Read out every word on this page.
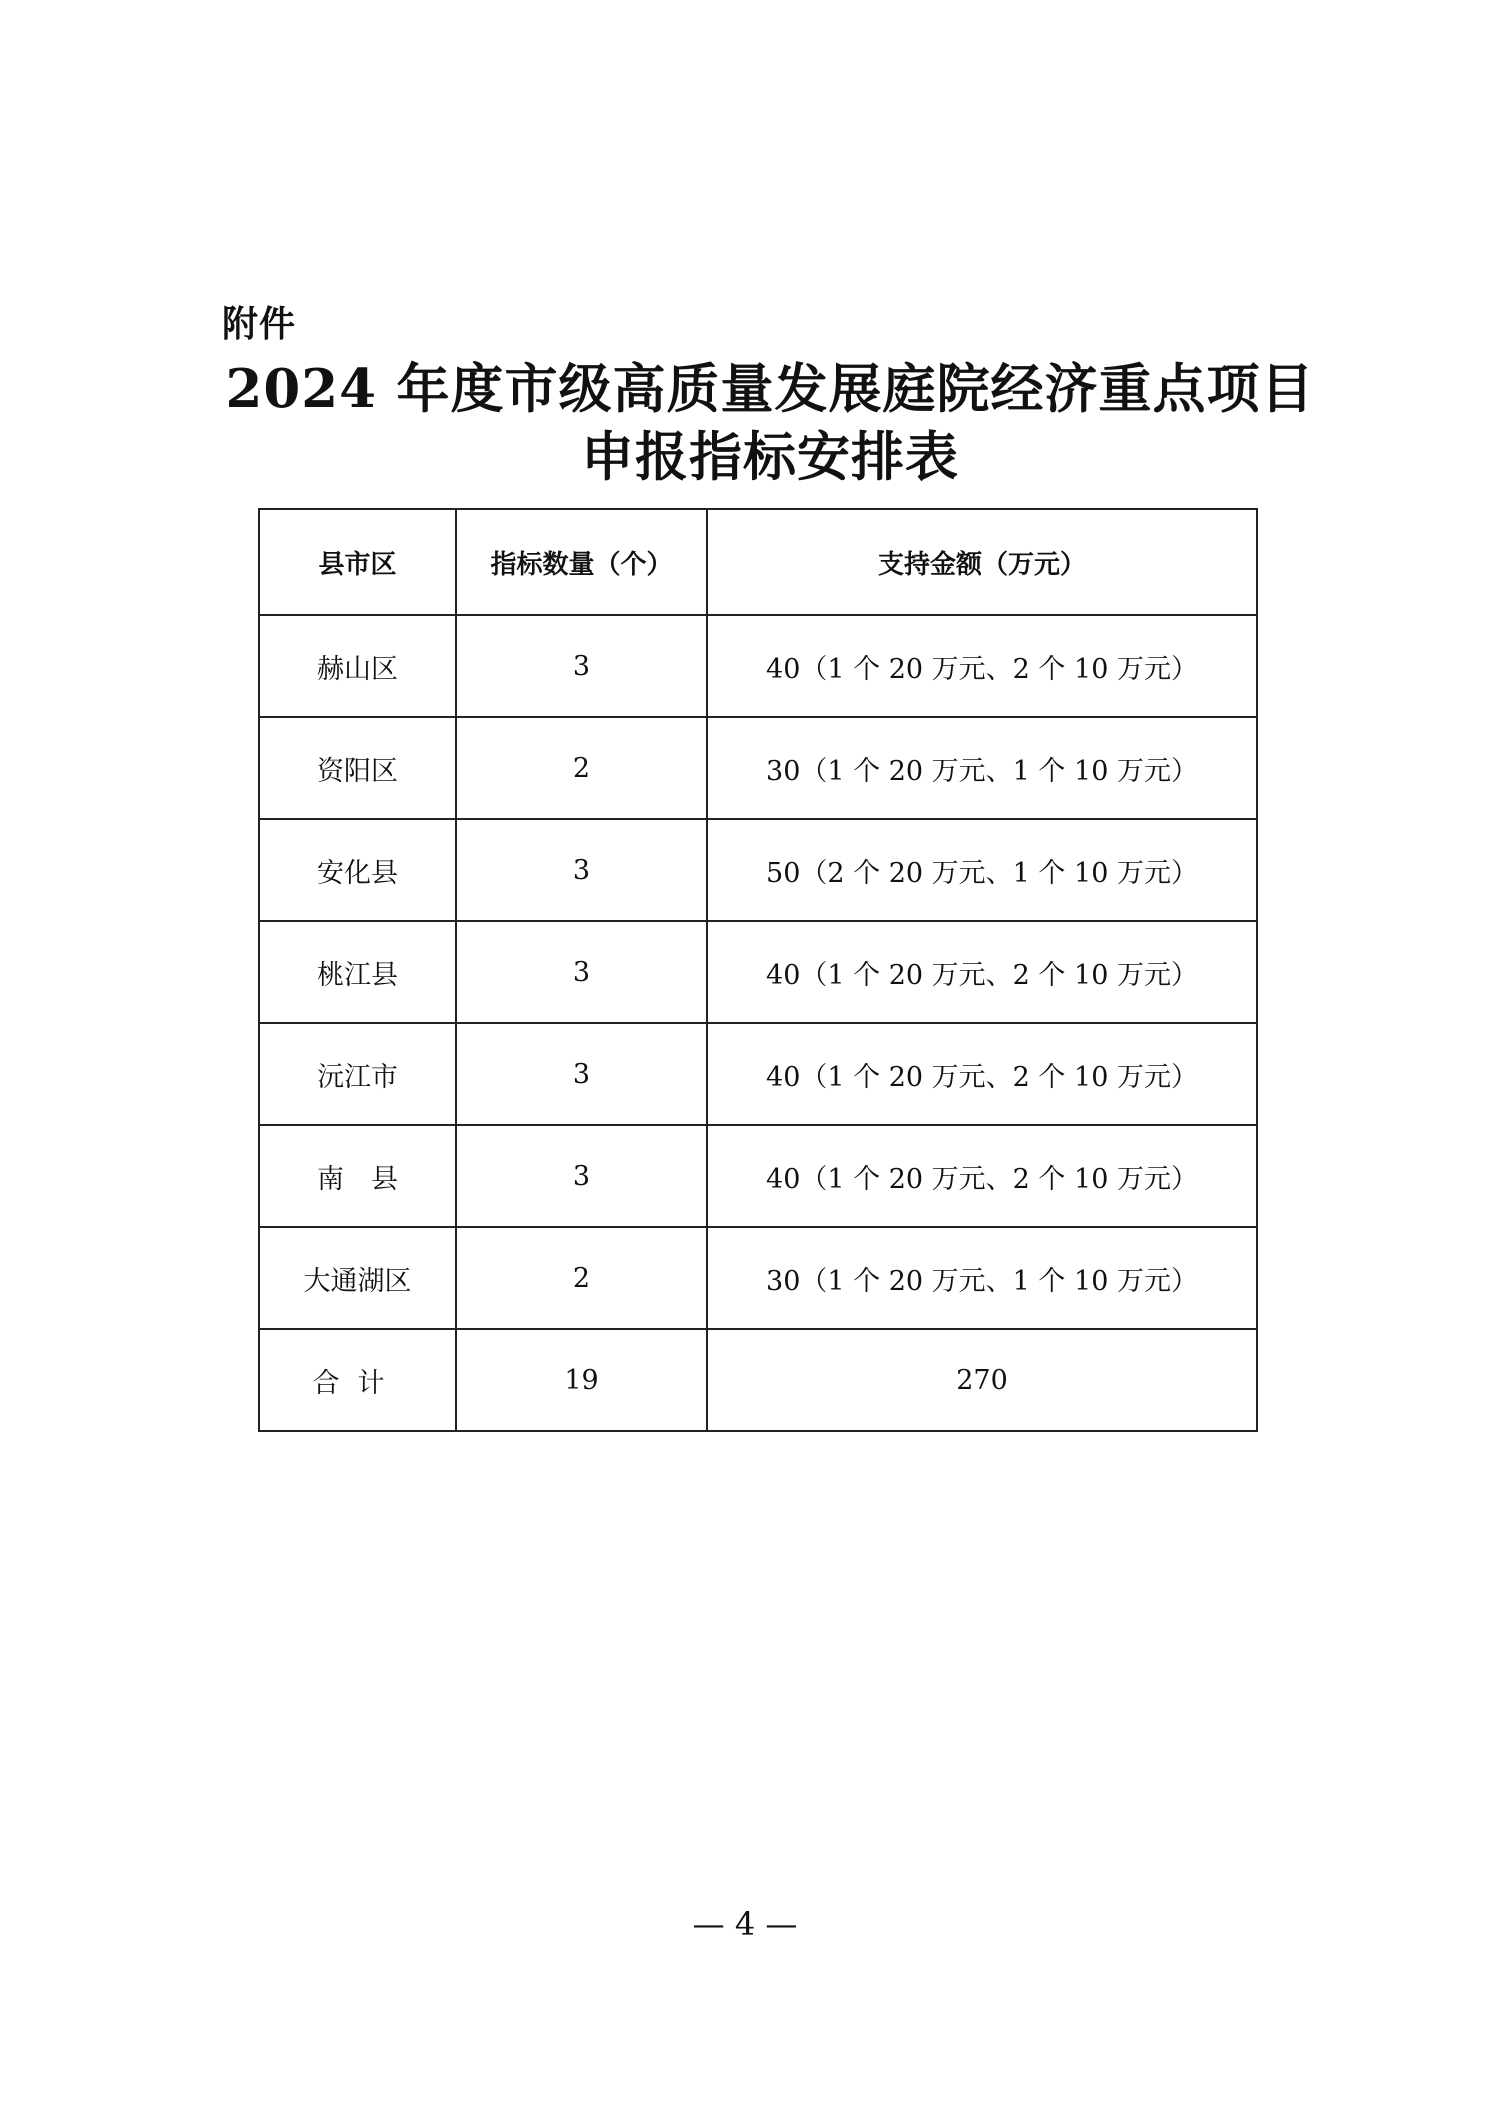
附件
2024 年度市级高质量发展庭院经济重点项目
申报指标安排表
县市区	指标数量（个）	支持金额（万元）
赫山区	3	40（1 个 20 万元、2 个 10 万元）
资阳区	2	30（1 个 20 万元、1 个 10 万元）
安化县	3	50（2 个 20 万元、1 个 10 万元）
桃江县	3	40（1 个 20 万元、2 个 10 万元）
沅江市	3	40（1 个 20 万元、2 个 10 万元）
南　县	3	40（1 个 20 万元、2 个 10 万元）
大通湖区	2	30（1 个 20 万元、1 个 10 万元）
合计	19	270
— 4 —
